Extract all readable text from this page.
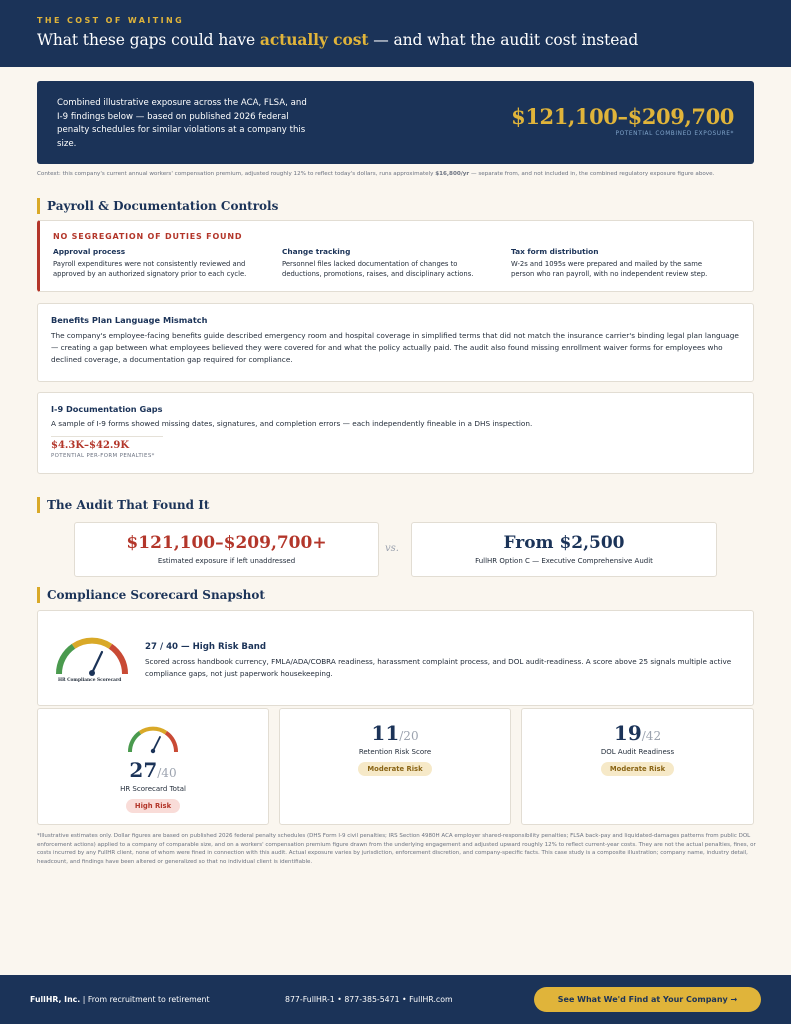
THE COST OF WAITING
What these gaps could have actually cost — and what the audit cost instead
Combined illustrative exposure across the ACA, FLSA, and I-9 findings below — based on published 2026 federal penalty schedules for similar violations at a company this size.
$121,100–$209,700
POTENTIAL COMBINED EXPOSURE*
Context: this company's current annual workers' compensation premium, adjusted roughly 12% to reflect today's dollars, runs approximately $16,800/yr — separate from, and not included in, the combined regulatory exposure figure above.
Payroll & Documentation Controls
NO SEGREGATION OF DUTIES FOUND
Approval process

Payroll expenditures were not consistently reviewed and approved by an authorized signatory prior to each cycle.

Change tracking

Personnel files lacked documentation of changes to deductions, promotions, raises, and disciplinary actions.

Tax form distribution

W-2s and 1095s were prepared and mailed by the same person who ran payroll, with no independent review step.

Benefits Plan Language Mismatch

The company's employee-facing benefits guide described emergency room and hospital coverage in simplified terms that did not match the insurance carrier's binding legal plan language — creating a gap between what employees believed they were covered for and what the policy actually paid. The audit also found missing enrollment waiver forms for employees who declined coverage, a documentation gap required for compliance.

I-9 Documentation Gaps

A sample of I-9 forms showed missing dates, signatures, and completion errors — each independently fineable in a DHS inspection.

$4.3K–$42.9K
POTENTIAL PER-FORM PENALTIES*
The Audit That Found It
$121,100–$209,700+
Estimated exposure if left unaddressed
vs.	From $2,500
FullHR Option C — Executive Comprehensive Audit
Compliance Scorecard Snapshot
HR Compliance Scorecard
27 / 40 — High Risk Band
Scored across handbook currency, FMLA/ADA/COBRA readiness, harassment complaint process, and DOL audit-readiness. A score above 25 signals multiple active compliance gaps, not just paperwork housekeeping.
27/40
HR Scorecard Total
High Risk
11/20
Retention Risk Score
Moderate Risk
19/42
DOL Audit Readiness
Moderate Risk
*Illustrative estimates only. Dollar figures are based on published 2026 federal penalty schedules (DHS Form I-9 civil penalties; IRS Section 4980H ACA employer shared-responsibility penalties; FLSA back-pay and liquidated-damages patterns from public DOL enforcement actions) applied to a company of comparable size, and on a workers' compensation premium figure drawn from the underlying engagement and adjusted upward roughly 12% to reflect current-year costs. They are not the actual penalties, fines, or costs incurred by any FullHR client, none of whom were fined in connection with this audit. Actual exposure varies by jurisdiction, enforcement discretion, and company-specific facts. This case study is a composite illustration; company name, industry detail, headcount, and findings have been altered or generalized so that no individual client is identifiable.
FullHR, Inc. | From recruitment to retirement	877-FullHR-1 • 877-385-5471 • FullHR.com	See What We'd Find at Your Company →
